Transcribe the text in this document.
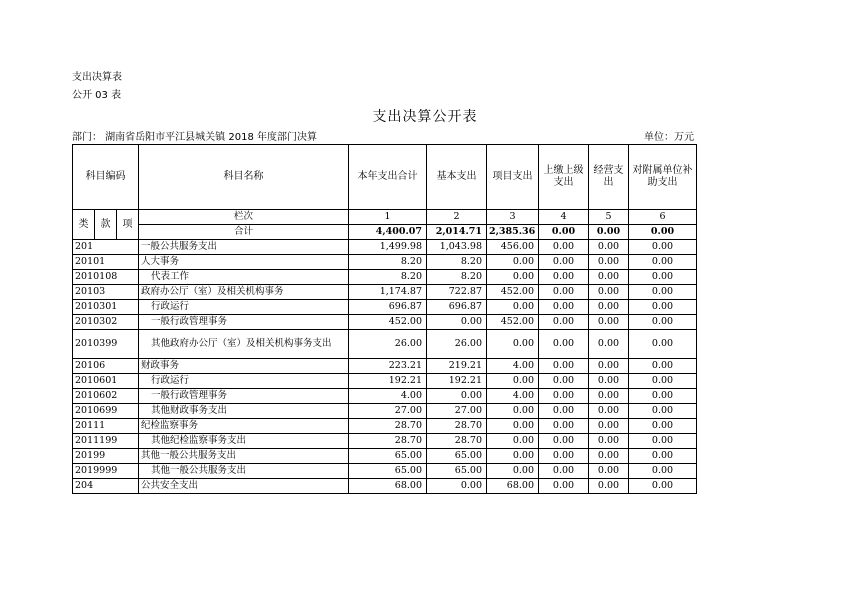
支出决算表
公开 03 表
支出决算公开表
部门： 湖南省岳阳市平江县城关镇 2018 年度部门决算	单位：万元
科目编码			科目名称	本年支出合计	基本支出	项目支出	上缴上级支出	经营支出	对附属单位补助支出
类	款	项	栏次	1	2	3	4	5	6
			合计	4,400.07	2,014.71	2,385.36	0.00	0.00	0.00
201			一般公共服务支出	1,499.98	1,043.98	456.00	0.00	0.00	0.00
20101			人大事务	8.20	8.20	0.00	0.00	0.00	0.00
2010108			代表工作	8.20	8.20	0.00	0.00	0.00	0.00
20103			政府办公厅（室）及相关机构事务	1,174.87	722.87	452.00	0.00	0.00	0.00
2010301			行政运行	696.87	696.87	0.00	0.00	0.00	0.00
2010302			一般行政管理事务	452.00	0.00	452.00	0.00	0.00	0.00
2010399			其他政府办公厅（室）及相关机构事务支出	26.00	26.00	0.00	0.00	0.00	0.00
20106			财政事务	223.21	219.21	4.00	0.00	0.00	0.00
2010601			行政运行	192.21	192.21	0.00	0.00	0.00	0.00
2010602			一般行政管理事务	4.00	0.00	4.00	0.00	0.00	0.00
2010699			其他财政事务支出	27.00	27.00	0.00	0.00	0.00	0.00
20111			纪检监察事务	28.70	28.70	0.00	0.00	0.00	0.00
2011199			其他纪检监察事务支出	28.70	28.70	0.00	0.00	0.00	0.00
20199			其他一般公共服务支出	65.00	65.00	0.00	0.00	0.00	0.00
2019999			其他一般公共服务支出	65.00	65.00	0.00	0.00	0.00	0.00
204			公共安全支出	68.00	0.00	68.00	0.00	0.00	0.00
